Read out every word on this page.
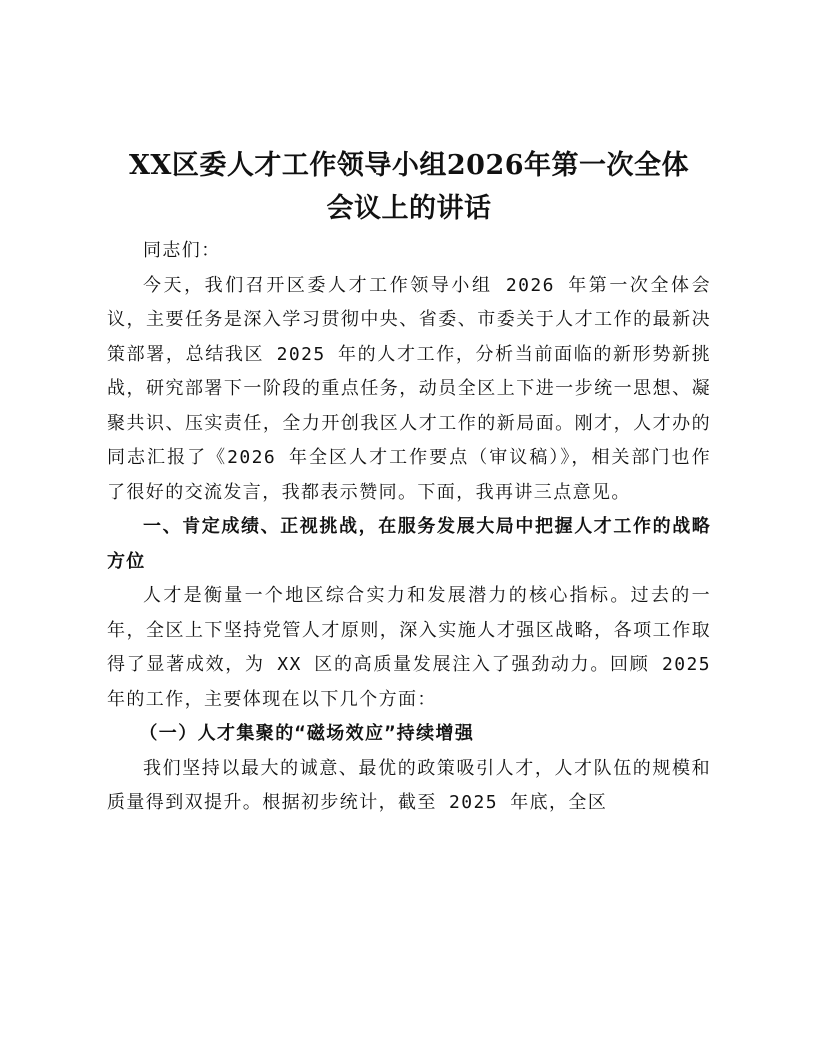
XX区委人才工作领导小组2026年第一次全体
会议上的讲话

同志们：

今天，我们召开区委人才工作领导小组 2026 年第一次全体会议，主要任务是深入学习贯彻中央、省委、市委关于人才工作的最新决策部署，总结我区 2025 年的人才工作，分析当前面临的新形势新挑战，研究部署下一阶段的重点任务，动员全区上下进一步统一思想、凝聚共识、压实责任，全力开创我区人才工作的新局面。刚才，人才办的同志汇报了《2026 年全区人才工作要点（审议稿）》，相关部门也作了很好的交流发言，我都表示赞同。下面，我再讲三点意见。

一、肯定成绩、正视挑战，在服务发展大局中把握人才工作的战略方位

人才是衡量一个地区综合实力和发展潜力的核心指标。过去的一年，全区上下坚持党管人才原则，深入实施人才强区战略，各项工作取得了显著成效，为 XX 区的高质量发展注入了强劲动力。回顾 2025 年的工作，主要体现在以下几个方面：

（一）人才集聚的“磁场效应”持续增强

我们坚持以最大的诚意、最优的政策吸引人才，人才队伍的规模和质量得到双提升。根据初步统计，截至 2025 年底，全区
